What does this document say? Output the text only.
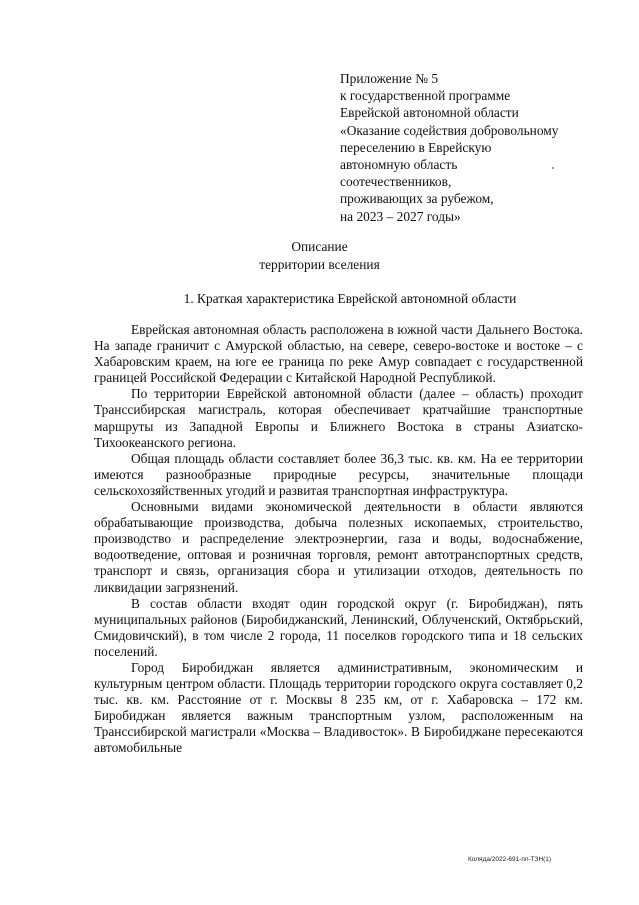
Приложение № 5
к государственной программе
Еврейской автономной области
«Оказание содействия добровольному
переселению в Еврейскую
автономную область
соотечественников,
проживающих за рубежом,
на 2023 – 2027 годы»
Описание
территории вселения
1. Краткая характеристика Еврейской автономной области

Еврейская автономная область расположена в южной части Дальнего Востока. На западе граничит с Амурской областью, на севере, северо-востоке и востоке – с Хабаровским краем, на юге ее граница по реке Амур совпадает с государственной границей Российской Федерации с Китайской Народной Республикой.

По территории Еврейской автономной области (далее – область) проходит Транссибирская магистраль, которая обеспечивает кратчайшие транспортные маршруты из Западной Европы и Ближнего Востока в страны Азиатско-Тихоокеанского региона.

Общая площадь области составляет более 36,3 тыс. кв. км. На ее территории имеются разнообразные природные ресурсы, значительные площади сельскохозяйственных угодий и развитая транспортная инфраструктура.

Основными видами экономической деятельности в области являются обрабатывающие производства, добыча полезных ископаемых, строительство, производство и распределение электроэнергии, газа и воды, водоснабжение, водоотведение, оптовая и розничная торговля, ремонт автотранспортных средств, транспорт и связь, организация сбора и утилизации отходов, деятельность по ликвидации загрязнений.

В состав области входят один городской округ (г. Биробиджан), пять муниципальных районов (Биробиджанский, Ленинский, Облученский, Октябрьский, Смидовичский), в том числе 2 города, 11 поселков городского типа и 18 сельских поселений.

Город Биробиджан является административным, экономическим и культурным центром области. Площадь территории городского округа составляет 0,2 тыс. кв. км. Расстояние от г. Москвы 8 235 км, от г. Хабаровска – 172 км. Биробиджан является важным транспортным узлом, расположенным на Транссибирской магистрали «Москва – Владивосток». В Биробиджане пересекаются автомобильные

Коляда/2022-691-пп-ТЗН(1)
